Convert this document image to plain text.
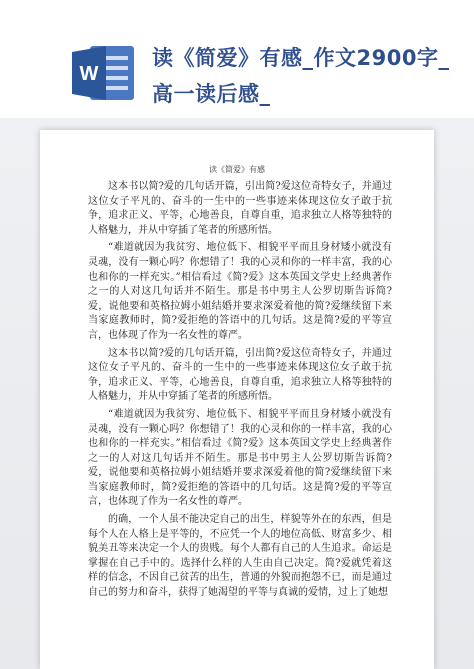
W
读《简爱》有感_作文2900字_高一读后感_
读《简爱》有感

这本书以简?爱的几句话开篇，引出简?爱这位奇特女子，并通过这位女子平凡的、奋斗的一生中的一些事迹来体现这位女子敢于抗争，追求正义、平等，心地善良，自尊自重，追求独立人格等独特的人格魅力，并从中穿插了笔者的所感所悟。

“难道就因为我贫穷、地位低下、相貌平平而且身材矮小就没有灵魂，没有一颗心吗？你想错了！我的心灵和你的一样丰富，我的心也和你的一样充实。”相信看过《简?爱》这本英国文学史上经典著作之一的人对这几句话并不陌生。那是书中男主人公罗切斯告诉简?爱，说他要和英格拉姆小姐结婚并要求深爱着他的简?爱继续留下来当家庭教师时，简?爱拒绝的答语中的几句话。这是简?爱的平等宣言，也体现了作为一名女性的尊严。

这本书以简?爱的几句话开篇，引出简?爱这位奇特女子，并通过这位女子平凡的、奋斗的一生中的一些事迹来体现这位女子敢于抗争，追求正义、平等，心地善良，自尊自重，追求独立人格等独特的人格魅力，并从中穿插了笔者的所感所悟。

“难道就因为我贫穷、地位低下、相貌平平而且身材矮小就没有灵魂，没有一颗心吗？你想错了！我的心灵和你的一样丰富，我的心也和你的一样充实。”相信看过《简?爱》这本英国文学史上经典著作之一的人对这几句话并不陌生。那是书中男主人公罗切斯告诉简?爱，说他要和英格拉姆小姐结婚并要求深爱着他的简?爱继续留下来当家庭教师时，简?爱拒绝的答语中的几句话。这是简?爱的平等宣言，也体现了作为一名女性的尊严。

的确，一个人虽不能决定自己的出生，样貌等外在的东西，但是每个人在人格上是平等的，不应凭一个人的地位高低、财富多少、相貌美丑等来决定一个人的贵贱。每个人都有自己的人生追求。命运是掌握在自己手中的。选择什么样的人生由自己决定。简?爱就凭着这样的信念，不因自己贫苦的出生，普通的外貌而抱怨不已，而是通过自己的努力和奋斗，获得了她渴望的平等与真诚的爱情，过上了她想
